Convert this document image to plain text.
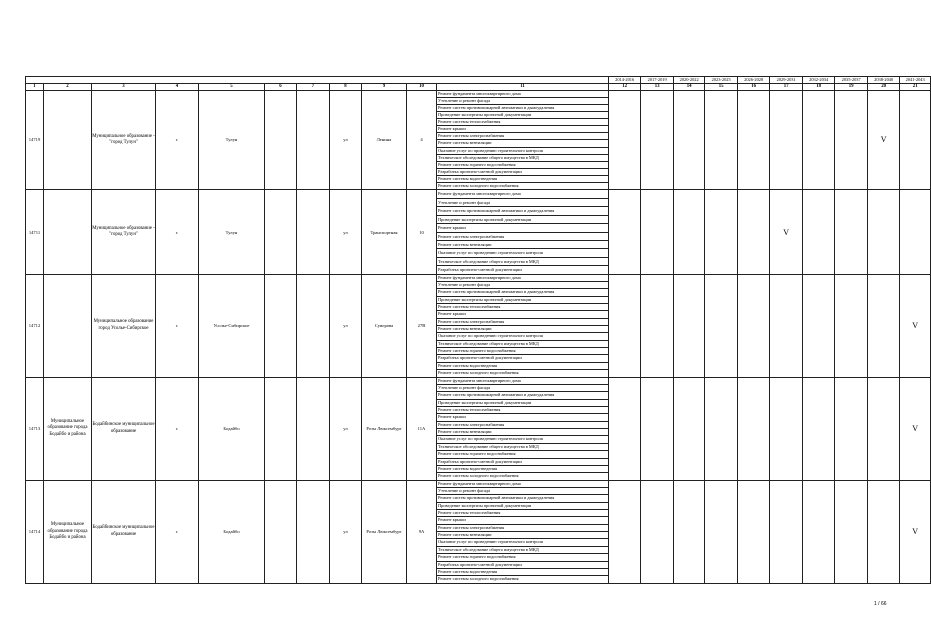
											2014-2016	2017-2019	2020-2022	2023-2025	2026-2028	2029-2031	2032-2034	2035-2037	2038-2040	2041-2043
1	2	3	4	5	6	7	8	9	10	11	12	13	14	15	16	17	18	19	20	21
14719		Муниципальное образование - "город Тулун"	г.	Тулун			ул	Ленина	4	Ремонт фундамента многоквартирного дома									V	
										Утепление и ремонт фасада										
										Ремонт систем противопожарной автоматики и дымоудаления										
										Проведение экспертизы проектной документации										
										Ремонт системы теплоснабжения										
										Ремонт крыши										
										Ремонт системы электроснабжения										
										Ремонт системы вентиляции										
										Оказание услуг по проведению строительного контроля										
										Техническое обследование общего имущества в МКД										
										Ремонт системы горячего водоснабжения										
										Разработка проектно-сметной документации										
										Ремонт системы водоотведения										
										Ремонт системы холодного водоснабжения										
14711		Муниципальное образование - "город Тулун"	г.	Тулун			ул	Транспортная	10	Ремонт фундамента многоквартирного дома						V				
										Утепление и ремонт фасада										
										Ремонт систем противопожарной автоматики и дымоудаления										
										Проведение экспертизы проектной документации										
										Ремонт крыши										
										Ремонт системы электроснабжения										
										Ремонт системы вентиляции										
										Оказание услуг по проведению строительного контроля										
										Техническое обследование общего имущества в МКД										
										Разработка проектно-сметной документации										
14712		Муниципальное образование город Усолье-Сибирское	г.	Усолье-Сибирское			ул	Суворова	27В	Ремонт фундамента многоквартирного дома										V
										Утепление и ремонт фасада										
										Ремонт систем противопожарной автоматики и дымоудаления										
										Проведение экспертизы проектной документации										
										Ремонт системы теплоснабжения										
										Ремонт крыши										
										Ремонт системы электроснабжения										
										Ремонт системы вентиляции										
										Оказание услуг по проведению строительного контроля										
										Техническое обследование общего имущества в МКД										
										Ремонт системы горячего водоснабжения										
										Разработка проектно-сметной документации										
										Ремонт системы водоотведения										
										Ремонт системы холодного водоснабжения										
14713	Муниципальное образование города Бодайбо и района	Бодайбинское муниципальное образование	г.	Бодайбо			ул	Розы Люксембург	11А	Ремонт фундамента многоквартирного дома										V
										Утепление и ремонт фасада										
										Ремонт систем противопожарной автоматики и дымоудаления										
										Проведение экспертизы проектной документации										
										Ремонт системы теплоснабжения										
										Ремонт крыши										
										Ремонт системы электроснабжения										
										Ремонт системы вентиляции										
										Оказание услуг по проведению строительного контроля										
										Техническое обследование общего имущества в МКД										
										Ремонт системы горячего водоснабжения										
										Разработка проектно-сметной документации										
										Ремонт системы водоотведения										
										Ремонт системы холодного водоснабжения										
14714	Муниципальное образование города Бодайбо и района	Бодайбинское муниципальное образование	г.	Бодайбо			ул	Розы Люксембург	9А	Ремонт фундамента многоквартирного дома										V
										Утепление и ремонт фасада										
										Ремонт систем противопожарной автоматики и дымоудаления										
										Проведение экспертизы проектной документации										
										Ремонт системы теплоснабжения										
										Ремонт крыши										
										Ремонт системы электроснабжения										
										Ремонт системы вентиляции										
										Оказание услуг по проведению строительного контроля										
										Техническое обследование общего имущества в МКД										
										Ремонт системы горячего водоснабжения										
										Разработка проектно-сметной документации										
										Ремонт системы водоотведения										
										Ремонт системы холодного водоснабжения										
1 / 66
